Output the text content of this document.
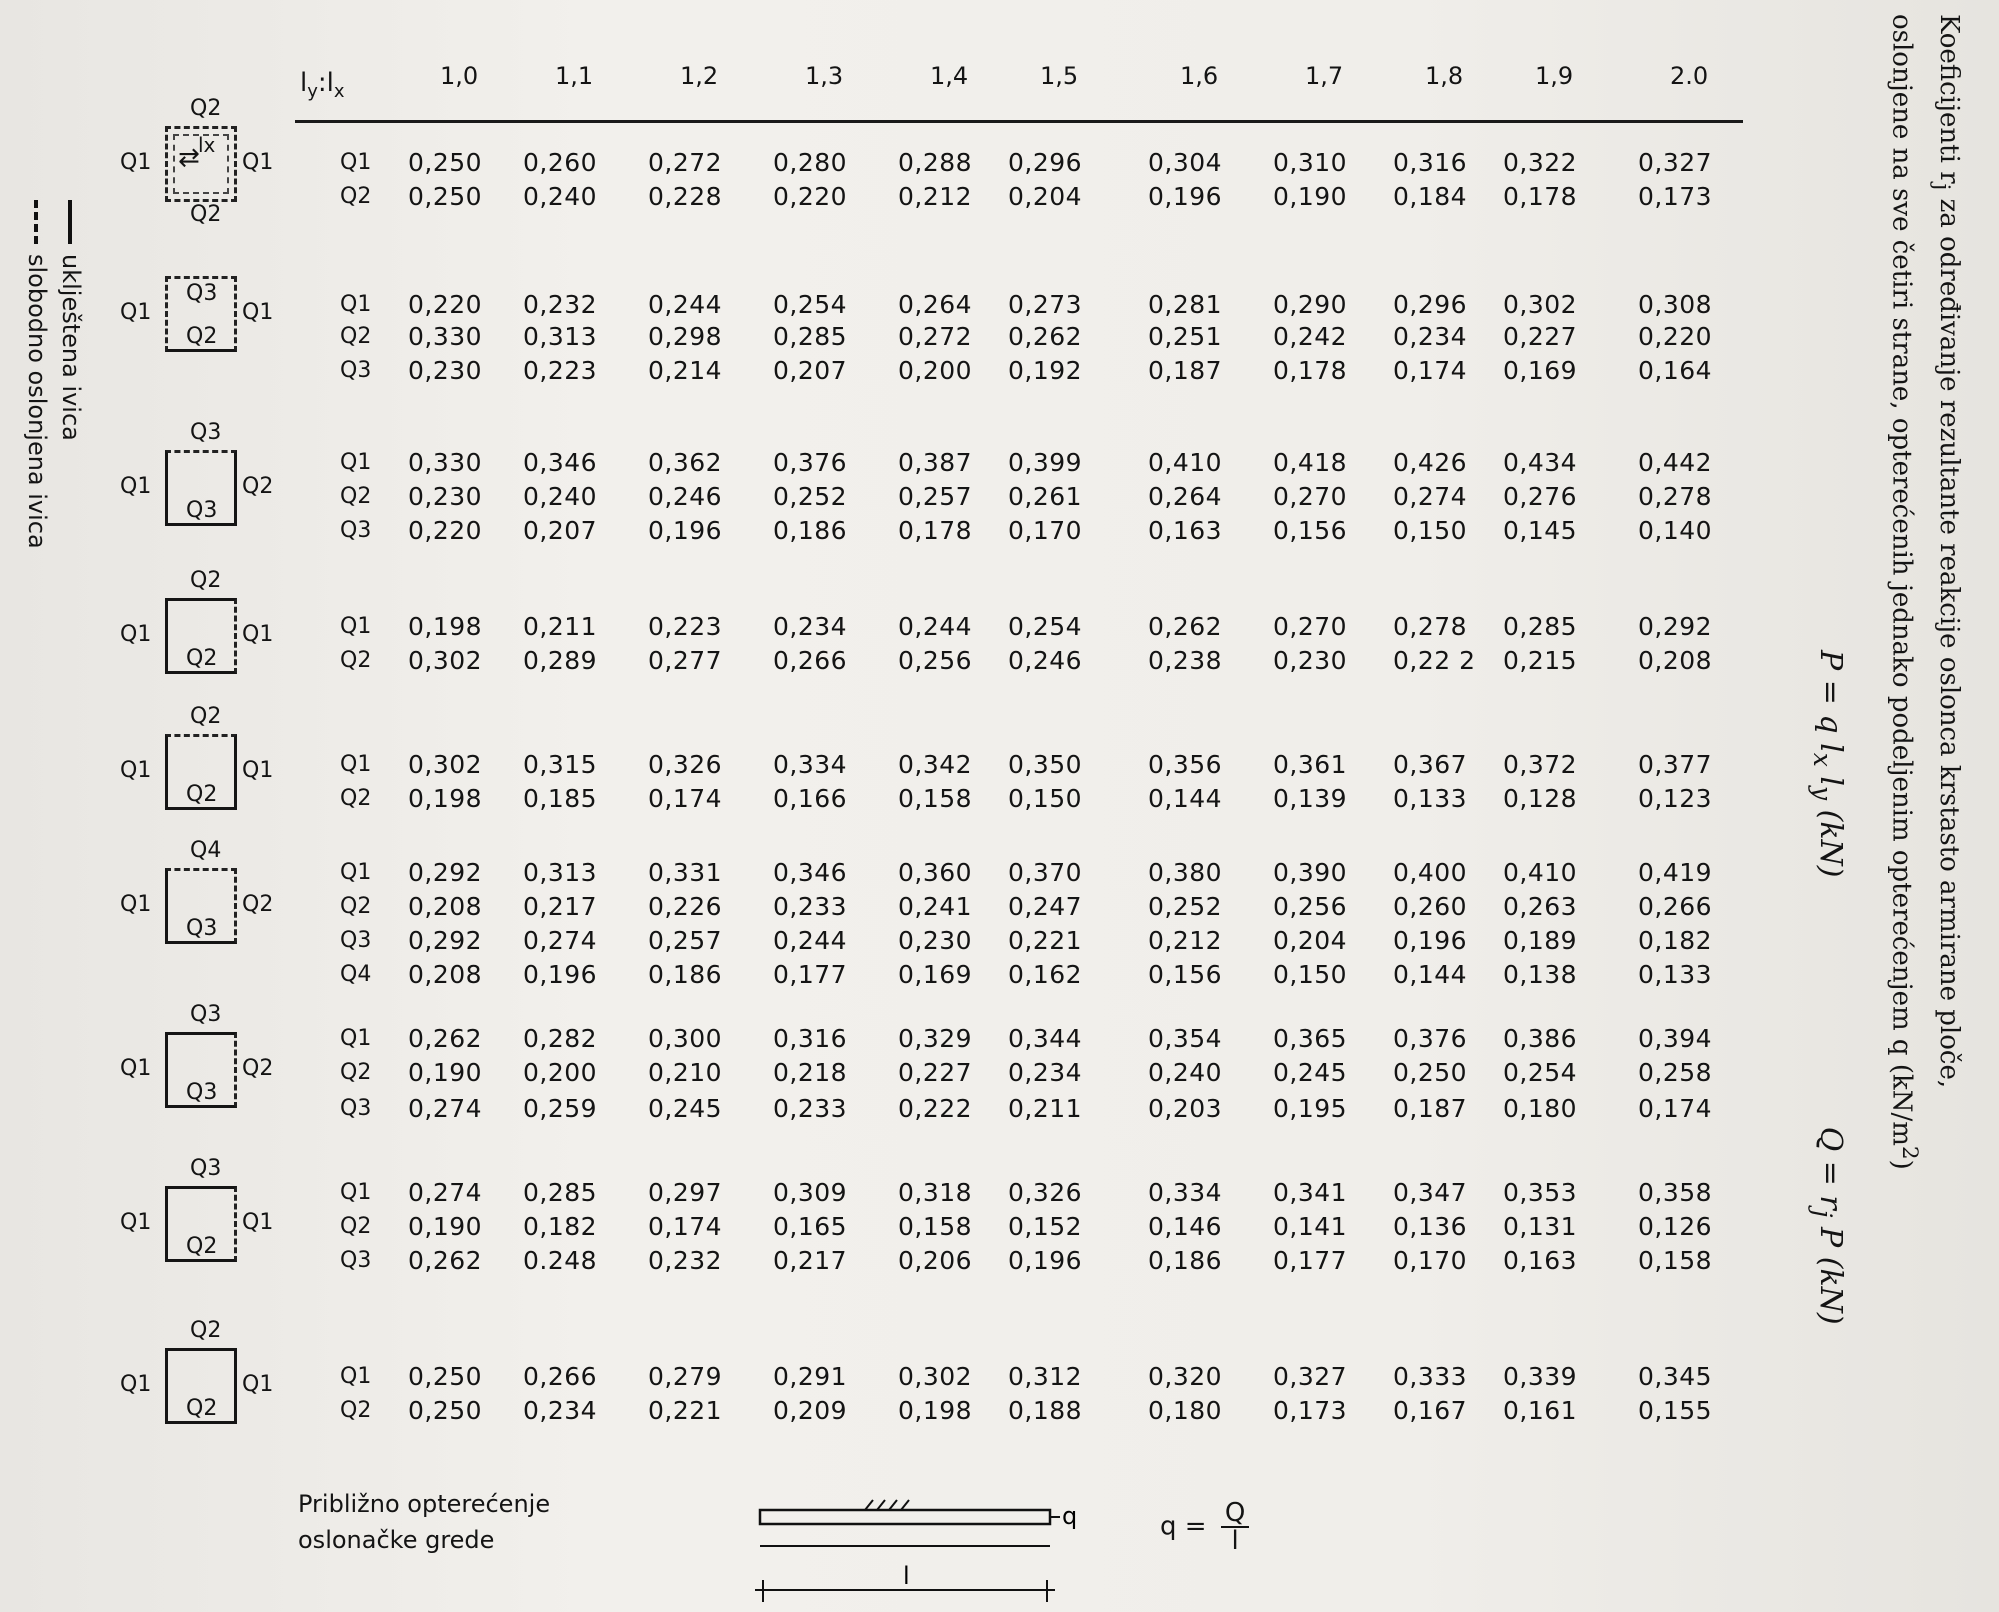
$l_y:l_x$
1,0	1,1	1,2	1,3	1,4	1,5	1,6	1,7	1,8	1,9	2.0
Q1 0,250 0,260 0,272 0,280 0,288 0,296	0,304 0,310 0,316 0,322 0,327
Q2 0,250 0,240 0,228 0,220 0,212 0,204	0,196 0,190 0,184 0,178 0,173
Q1 0,220 0,232 0,244 0,254 0,264 0,273	0,281 0,290 0,296 0,302 0,308
Q2 0,330 0,313 0,298 0,285 0,272 0,262	0,251 0,242 0,234 0,227 0,220
Q3 0,230 0,223 0,214 0,207 0,200 0,192	0,187 0,178 0,174 0,169 0,164
Q1 0,330 0,346 0,362 0,376 0,387 0,399	0,410 0,418 0,426 0,434 0,442
Q2 0,230 0,240 0,246 0,252 0,257 0,261	0,264 0,270 0,274 0,276 0,278
Q3 0,220 0,207 0,196 0,186 0,178 0,170	0,163 0,156 0,150 0,145 0,140
Q1 0,198 0,211 0,223 0,234 0,244 0,254	0,262 0,270 0,278 0,285 0,292
Q2 0,302 0,289 0,277 0,266 0,256 0,246	0,238 0,230 0,22 2 0,215 0,208
Q1 0,302 0,315 0,326 0,334 0,342 0,350	0,356 0,361 0,367 0,372 0,377
Q2 0,198 0,185 0,174 0,166 0,158 0,150	0,144 0,139 0,133 0,128 0,123
Q1 0,292 0,313 0,331 0,346 0,360 0,370	0,380 0,390 0,400 0,410 0,419
Q2 0,208 0,217 0,226 0,233 0,241 0,247	0,252 0,256 0,260 0,263 0,266
Q3 0,292 0,274 0,257 0,244 0,230 0,221	0,212 0,204 0,196 0,189 0,182
Q4 0,208 0,196 0,186 0,177 0,169 0,162	0,156 0,150 0,144 0,138 0,133
Q1 0,262 0,282 0,300 0,316 0,329 0,344	0,354 0,365 0,376 0,386 0,394
Q2 0,190 0,200 0,210 0,218 0,227 0,234	0,240 0,245 0,250 0,254 0,258
Q3 0,274 0,259 0,245 0,233 0,222 0,211	0,203 0,195 0,187 0,180 0,174
Q1 0,274 0,285 0,297 0,309 0,318 0,326	0,334 0,341 0,347 0,353 0,358
Q2 0,190 0,182 0,174 0,165 0,158 0,152	0,146 0,141 0,136 0,131 0,126
Q3 0,262 0.248 0,232 0,217 0,206 0,196	0,186 0,177 0,170 0,163 0,158
Q1 0,250 0,266 0,279 0,291 0,302 0,312	0,320 0,327 0,333 0,339 0,345
Q2 0,250 0,234 0,221 0,209 0,198 0,188	0,180 0,173 0,167 0,161 0,155
lx
⇄
Q2
Q2
Q1	Q1
Q3
Q2
Q1	Q1
Q3
Q3
Q1	Q2
Q2
Q2
Q1	Q1
Q2
Q2
Q1	Q1
Q3
Q4
Q1	Q2
Q3
Q3
Q1	Q2
Q2
Q3
Q1	Q1
Q2
Q2
Q1	Q1
Koeficijenti $r_j$ za određivanje rezultante reakcije oslonca krstasto armirane ploče,
oslonjene na sve četiri strane, opterećenih jednako podeljenim opterećenjem q $(kN/m^2)$
P = q $l_x$ $l_y$ (kN)  $Q = r_j$ P (kN)
uklještena ivica
slobodno oslonjena ivica
Približno opterećenje
oslonačke grede
q
l
$q = \frac{Q}{l}$
